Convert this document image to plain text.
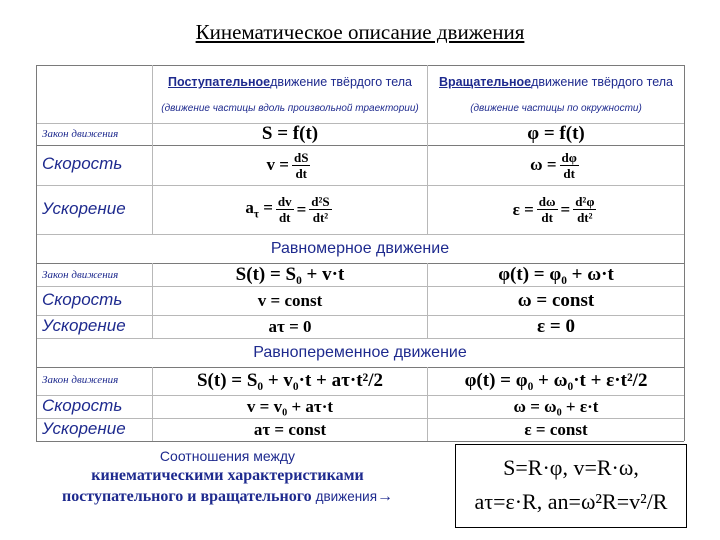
Кинематическое описание движения
Поступательное движение твёрдого тела
(движение частицы вдоль произвольной траектории)
Вращательное движение твёрдого тела
(движение частицы по окружности)
Закон движения	S = f(t)	φ = f(t)
Скорость	$v = \frac{dS}{dt}$	$\omega = \frac{d\varphi}{dt}$
Ускорение	$a_\tau = \frac{dv}{dt} = \frac{\text{d²S}}{\text{dt²}}$	$\varepsilon = \frac{d\omega}{dt} = \frac{\text{d²φ}}{\text{dt²}}$
Равномерное движение
Закон движения	S(t) = S₀ + v·t	φ(t) = φ₀ + ω·t
Скорость	v = const	ω = const
Ускорение	aτ = 0	ε = 0
Равнопеременное движение
Закон движения	S(t) = S₀ + v₀·t + aτ·t²/2	φ(t) = φ₀ + ω₀·t + ε·t²/2
Скорость	v = v₀ + aτ·t	ω = ω₀ + ε·t
Ускорение	aτ = const	ε = const
Соотношения между
кинематическими характеристиками
поступательного и вращательного движения→
S=R·φ, v=R·ω,
aτ=ε·R, an=ω²R=v²/R
